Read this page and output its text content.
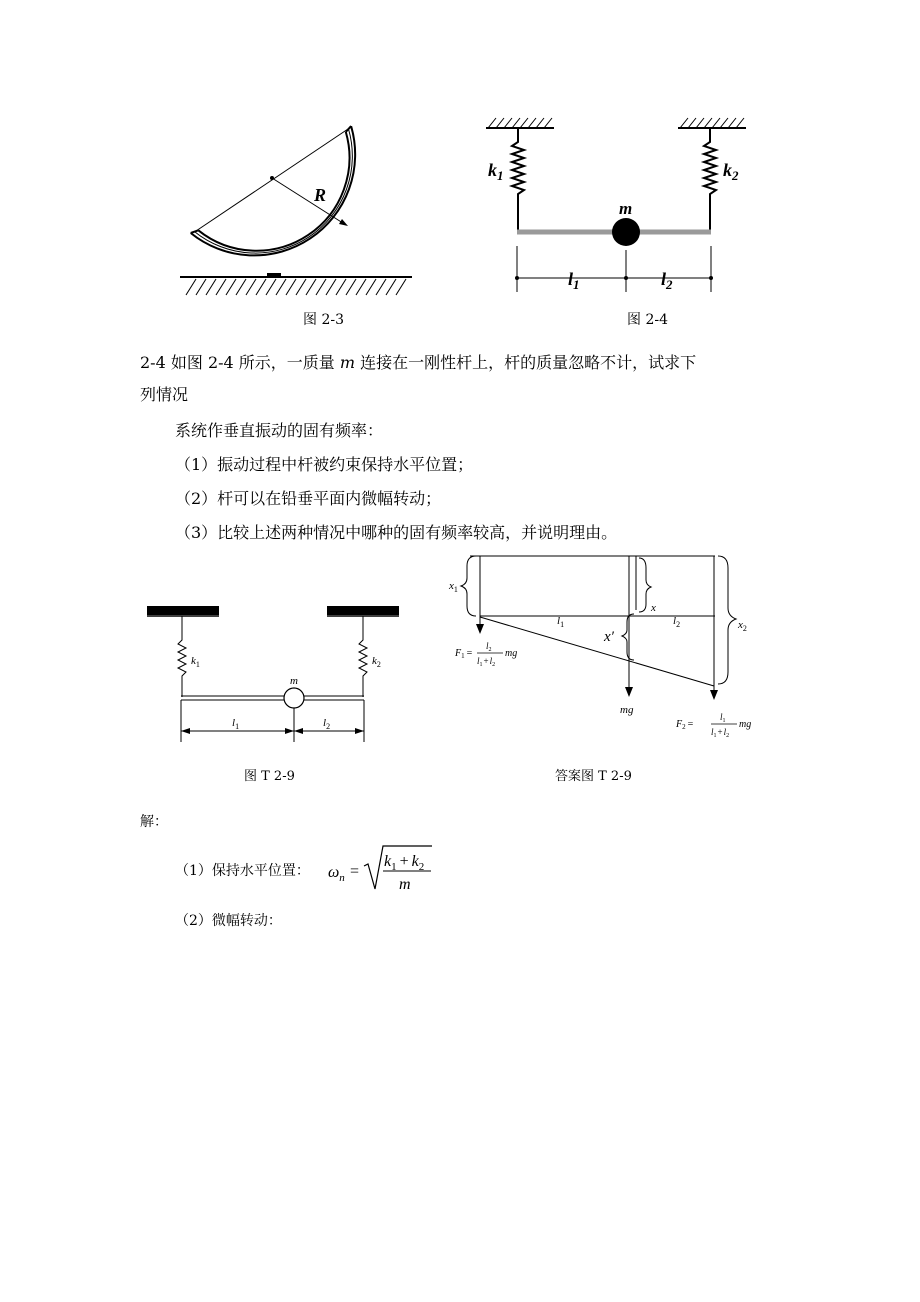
R
图 2-3
m
$k_1$	$k_2$
$l_1$	$l_2$
图 2-4
2-4 如图 2-4 所示，一质量 m 连接在一刚性杆上，杆的质量忽略不计，试求下
列情况
系统作垂直振动的固有频率：
（1）振动过程中杆被约束保持水平位置；
（2）杆可以在铅垂平面内微幅转动；
（3）比较上述两种情况中哪种的固有频率较高，并说明理由。
$k_1$	$k_2$
m
$l_1$	$l_2$
图 T 2-9
$x_1$
x
x′
$x_2$
$l_1$	$l_2$
mg
$F_1$ =
$l_2$
$l_1+l_2$
mg
$F_2$ =
$l_1$
$l_1+l_2$
mg
答案图 T 2-9
解：
（1）保持水平位置： $\omega_n$ =
$k_1 + k_2$
m
（2）微幅转动：
